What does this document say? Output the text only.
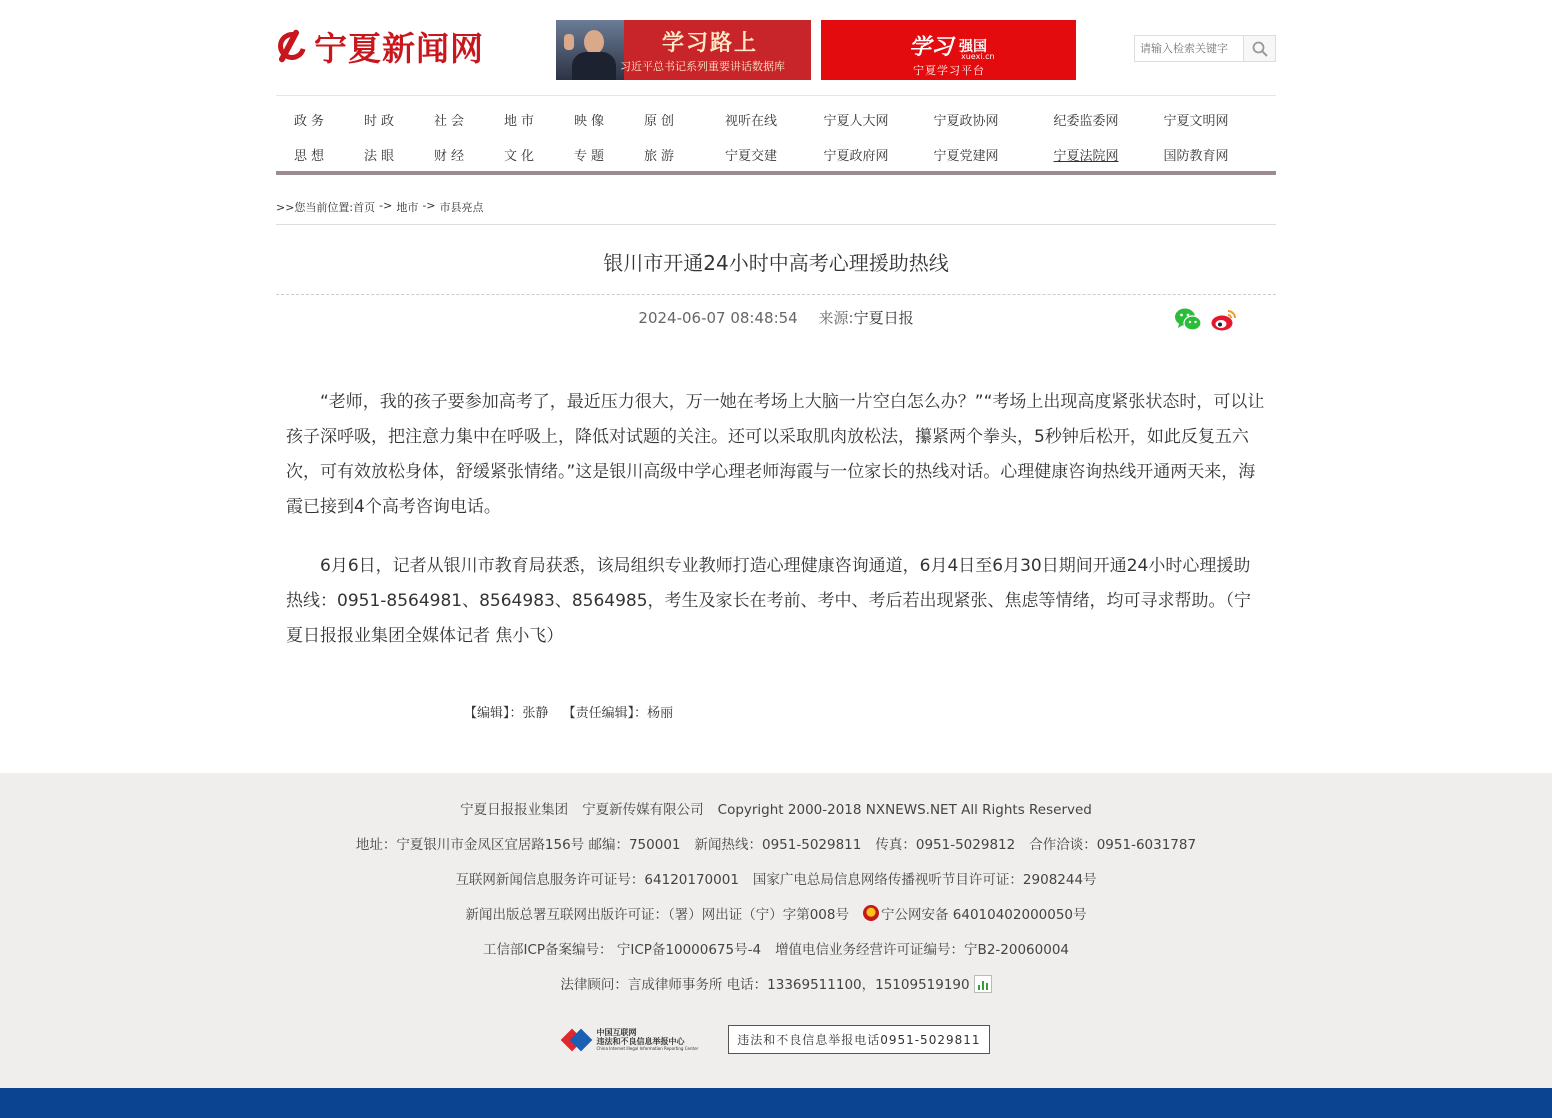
宁夏新闻网	学习路上
习近平总书记系列重要讲话数据库
学习 强国
xuexi.cn
宁夏学习平台
请输入检索关键字
政务	时政	社会	地市	映像	原创	视听在线	宁夏人大网	宁夏政协网	纪委监委网	宁夏文明网
思想	法眼	财经	文化	专题	旅游	宁夏交建	宁夏政府网	宁夏党建网	宁夏法院网	国防教育网
>>您当前位置: 首页 -> 地市 -> 市县亮点
银川市开通24小时中高考心理援助热线
2024-06-07 08:48:54 来源:宁夏日报

“老师，我的孩子要参加高考了，最近压力很大，万一她在考场上大脑一片空白怎么办？”“考场上出现高度紧张状态时，可以让孩子深呼吸，把注意力集中在呼吸上，降低对试题的关注。还可以采取肌肉放松法，攥紧两个拳头，5秒钟后松开，如此反复五六次，可有效放松身体，舒缓紧张情绪。”这是银川高级中学心理老师海霞与一位家长的热线对话。心理健康咨询热线开通两天来，海霞已接到4个高考咨询电话。

6月6日，记者从银川市教育局获悉，该局组织专业教师打造心理健康咨询通道，6月4日至6月30日期间开通24小时心理援助热线：0951-8564981、8564983、8564985，考生及家长在考前、考中、考后若出现紧张、焦虑等情绪，均可寻求帮助。（宁夏日报报业集团全媒体记者 焦小飞）

【编辑】：张静 【责任编辑】：杨丽
宁夏日报报业集团 宁夏新传媒有限公司 Copyright 2000-2018 NXNEWS.NET All Rights Reserved
地址：宁夏银川市金凤区宜居路156号 邮编：750001 新闻热线：0951-5029811 传真：0951-5029812 合作洽谈：0951-6031787
互联网新闻信息服务许可证号：64120170001 国家广电总局信息网络传播视听节目许可证：2908244号
新闻出版总署互联网出版许可证：（署）网出证（宁）字第008号 宁公网安备 64010402000050号
工信部ICP备案编号： 宁ICP备10000675号-4 增值电信业务经营许可证编号：宁B2-20060004
法律顾问：言成律师事务所 电话：13369511100，15109519190
中国互联网
违法和不良信息举报中心

China Internet Illegal Information Reporting Center
违法和不良信息举报电话0951-5029811
